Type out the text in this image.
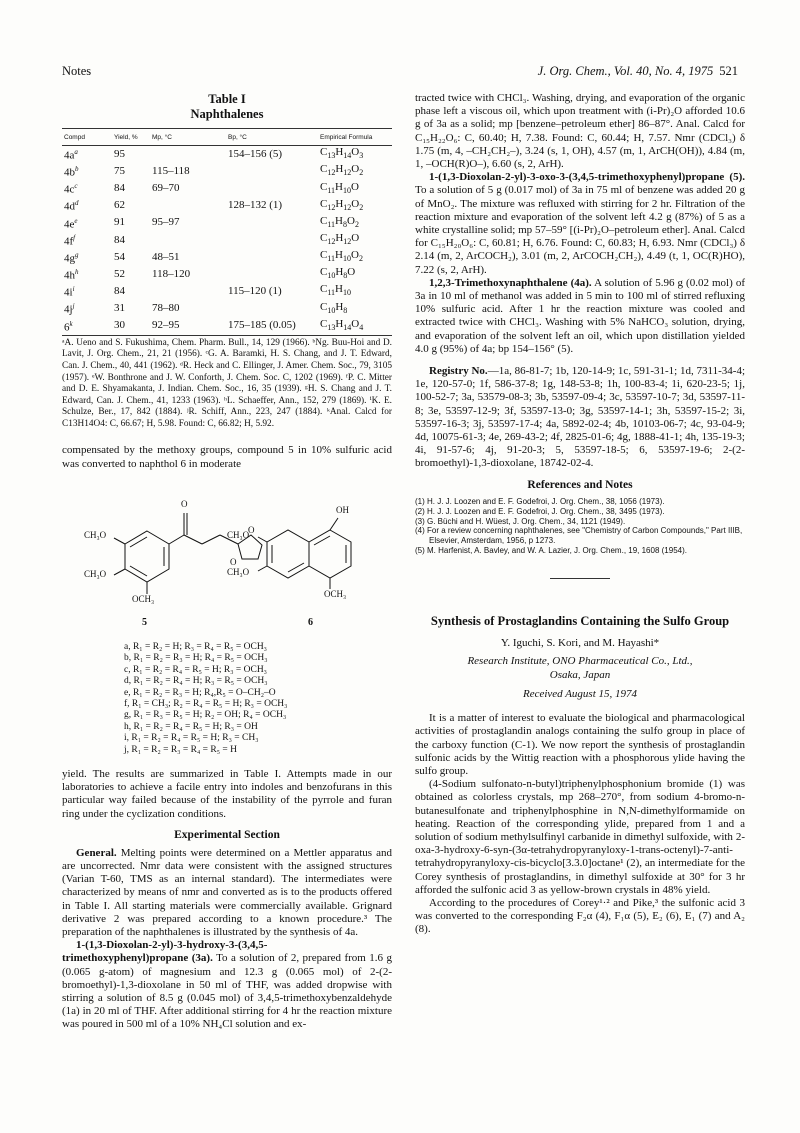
Notes	J. Org. Chem., Vol. 40, No. 4, 1975 521
Table I
Naphthalenes
Compd	Yield, %	Mp, °C	Bp, °C	Empirical Formula
$4a^a$	95		154–156 (5)	$C_{13}H_{14}O_3$
$4b^b$	75	115–118		$C_{12}H_{12}O_2$
$4c^c$	84	69–70		$C_{11}H_{10}O$
$4d^d$	62		128–132 (1)	$C_{12}H_{12}O_2$
$4e^e$	91	95–97		$C_{11}H_8O_2$
$4f^f$	84			$C_{12}H_{12}O$
$4g^g$	54	48–51		$C_{11}H_{10}O_2$
$4h^h$	52	118–120		$C_{10}H_8O$
$4i^i$	84		115–120 (1)	$C_{11}H_{10}$
$4j^j$	31	78–80		$C_{10}H_8$
6$^k$	30	92–95	175–185 (0.05)	$C_{13}H_{14}O_4$
ᵃA. Ueno and S. Fukushima, Chem. Pharm. Bull., 14, 129 (1966). ᵇNg. Buu-Hoi and D. Lavit, J. Org. Chem., 21, 21 (1956). ᶜG. A. Baramki, H. S. Chang, and J. T. Edward, Can. J. Chem., 40, 441 (1962). ᵈR. Heck and C. Ellinger, J. Amer. Chem. Soc., 79, 3105 (1957). ᵉW. Bonthrone and J. W. Conforth, J. Chem. Soc. C, 1202 (1969). ᶠP. C. Mitter and D. E. Shyamakanta, J. Indian. Chem. Soc., 16, 35 (1939). ᵍH. S. Chang and J. T. Edward, Can. J. Chem., 41, 1233 (1963). ʰL. Schaeffer, Ann., 152, 279 (1869). ⁱK. E. Schulze, Ber., 17, 842 (1884). ʲR. Schiff, Ann., 223, 247 (1884). ᵏAnal. Calcd for C13H14O4: C, 66.67; H, 5.98. Found: C, 66.82; H, 5.92.

compensated by the methoxy groups, compound 5 in 10% sulfuric acid was converted to naphthol 6 in moderate

O
O
O
CH₃O
CH₃O
OCH₃
CH₃O
CH₃O
OH
OCH₃
5	6
a, R₁ = R₂ = H; R₃ = R₄ = R₅ = OCH₃
b, R₁ = R₂ = R₃ = H; R₄ = R₅ = OCH₃
c, R₁ = R₂ = R₄ = R₅ = H; R₃ = OCH₃
d, R₁ = R₂ = R₄ = H; R₃ = R₅ = OCH₃
e, R₁ = R₂ = R₃ = H; R₄,R₅ = O–CH₂–O
f, R₁ = CH₃; R₂ = R₄ = R₅ = H; R₃ = OCH₃
g, R₁ = R₃ = R₅ = H; R₂ = OH; R₄ = OCH₃
h, R₁ = R₂ = R₄ = R₅ = H; R₃ = OH
i, R₁ = R₂ = R₄ = R₅ = H; R₃ = CH₃
j, R₁ = R₂ = R₃ = R₄ = R₅ = H

yield. The results are summarized in Table I. Attempts made in our laboratories to achieve a facile entry into indoles and benzofurans in this particular way failed because of the instability of the pyrrole and furan ring under the cyclization conditions.

Experimental Section

General. Melting points were determined on a Mettler apparatus and are uncorrected. Nmr data were consistent with the assigned structures (Varian T-60, TMS as an internal standard). The intermediates were characterized by means of nmr and converted as is to the products offered in Table I. All starting materials were commercially available. Grignard derivative 2 was prepared according to a known procedure.³ The preparation of the naphthalenes is illustrated by the synthesis of 4a.

1-(1,3-Dioxolan-2-yl)-3-hydroxy-3-(3,4,5-trimethoxyphenyl)propane (3a). To a solution of 2, prepared from 1.6 g (0.065 g-atom) of magnesium and 12.3 g (0.065 mol) of 2-(2-bromoethyl)-1,3-dioxolane in 50 ml of THF, was added dropwise with stirring a solution of 8.5 g (0.045 mol) of 3,4,5-trimethoxybenzaldehyde (1a) in 20 ml of THF. After additional stirring for 4 hr the reaction mixture was poured in 500 ml of a 10% NH₄Cl solution and ex-

tracted twice with CHCl₃. Washing, drying, and evaporation of the organic phase left a viscous oil, which upon treatment with (i-Pr)₂O afforded 10.6 g of 3a as a solid; mp [benzene–petroleum ether] 86–87°. Anal. Calcd for C₁₅H₂₂O₆: C, 60.40; H, 7.38. Found: C, 60.44; H, 7.57. Nmr (CDCl₃) δ 1.75 (m, 4, –CH₂CH₂–), 3.24 (s, 1, OH), 4.57 (m, 1, ArCH(OH)), 4.84 (m, 1, –OCH(R)O–), 6.60 (s, 2, ArH).

1-(1,3-Dioxolan-2-yl)-3-oxo-3-(3,4,5-trimethoxyphenyl)propane (5). To a solution of 5 g (0.017 mol) of 3a in 75 ml of benzene was added 20 g of MnO₂. The mixture was refluxed with stirring for 2 hr. Filtration of the reaction mixture and evaporation of the solvent left 4.2 g (87%) of 5 as a white crystalline solid; mp 57–59° [(i-Pr)₂O–petroleum ether]. Anal. Calcd for C₁₅H₂₀O₆: C, 60.81; H, 6.76. Found: C, 60.83; H, 6.93. Nmr (CDCl₃) δ 2.14 (m, 2, ArCOCH₂), 3.01 (m, 2, ArCOCH₂CH₂), 4.49 (t, 1, OC(R)HO), 7.22 (s, 2, ArH).

1,2,3-Trimethoxynaphthalene (4a). A solution of 5.96 g (0.02 mol) of 3a in 10 ml of methanol was added in 5 min to 100 ml of stirred refluxing 10% sulfuric acid. After 1 hr the reaction mixture was cooled and extracted twice with CHCl₃. Washing with 5% NaHCO₃ solution, drying, and evaporation of the solvent left an oil, which upon distillation yielded 4.0 g (95%) of 4a; bp 154–156° (5).

Registry No.—1a, 86-81-7; 1b, 120-14-9; 1c, 591-31-1; 1d, 7311-34-4; 1e, 120-57-0; 1f, 586-37-8; 1g, 148-53-8; 1h, 100-83-4; 1i, 620-23-5; 1j, 100-52-7; 3a, 53579-08-3; 3b, 53597-09-4; 3c, 53597-10-7; 3d, 53597-11-8; 3e, 53597-12-9; 3f, 53597-13-0; 3g, 53597-14-1; 3h, 53597-15-2; 3i, 53597-16-3; 3j, 53597-17-4; 4a, 5892-02-4; 4b, 10103-06-7; 4c, 93-04-9; 4d, 10075-61-3; 4e, 269-43-2; 4f, 2825-01-6; 4g, 1888-41-1; 4h, 135-19-3; 4i, 91-57-6; 4j, 91-20-3; 5, 53597-18-5; 6, 53597-19-6; 2-(2-bromoethyl)-1,3-dioxolane, 18742-02-4.

References and Notes
(1) H. J. J. Loozen and E. F. Godefroi, J. Org. Chem., 38, 1056 (1973).
(2) H. J. J. Loozen and E. F. Godefroi, J. Org. Chem., 38, 3495 (1973).
(3) G. Büchi and H. Wüest, J. Org. Chem., 34, 1121 (1949).
(4) For a review concerning naphthalenes, see "Chemistry of Carbon Compounds," Part IIIB, Elsevier, Amsterdam, 1956, p 1273.
(5) M. Harfenist, A. Bavley, and W. A. Lazier, J. Org. Chem., 19, 1608 (1954).
Synthesis of Prostaglandins Containing the Sulfo Group
Y. Iguchi, S. Kori, and M. Hayashi*
Research Institute, ONO Pharmaceutical Co., Ltd.,
Osaka, Japan
Received August 15, 1974

It is a matter of interest to evaluate the biological and pharmacological activities of prostaglandin analogs containing the sulfo group in place of the carboxy function (C-1). We now report the synthesis of prostaglandin sulfonic acids by the Wittig reaction with a phosphorous ylide having the sulfo group.

(4-Sodium sulfonato-n-butyl)triphenylphosphonium bromide (1) was obtained as colorless crystals, mp 268–270°, from sodium 4-bromo-n-butanesulfonate and triphenylphosphine in N,N-dimethylformamide on heating. Reaction of the corresponding ylide, prepared from 1 and a solution of sodium methylsulfinyl carbanide in dimethyl sulfoxide, with 2-oxa-3-hydroxy-6-syn-(3α-tetrahydropyranyloxy-1-trans-octenyl)-7-anti-tetrahydropyranyloxy-cis-bicyclo[3.3.0]octane¹ (2), an intermediate for the Corey synthesis of prostaglandins, in dimethyl sulfoxide at 30° for 3 hr afforded the sulfonic acid 3 as yellow-brown crystals in 48% yield.

According to the procedures of Corey¹·² and Pike,³ the sulfonic acid 3 was converted to the corresponding F₂α (4), F₁α (5), E₂ (6), E₁ (7) and A₂ (8).
